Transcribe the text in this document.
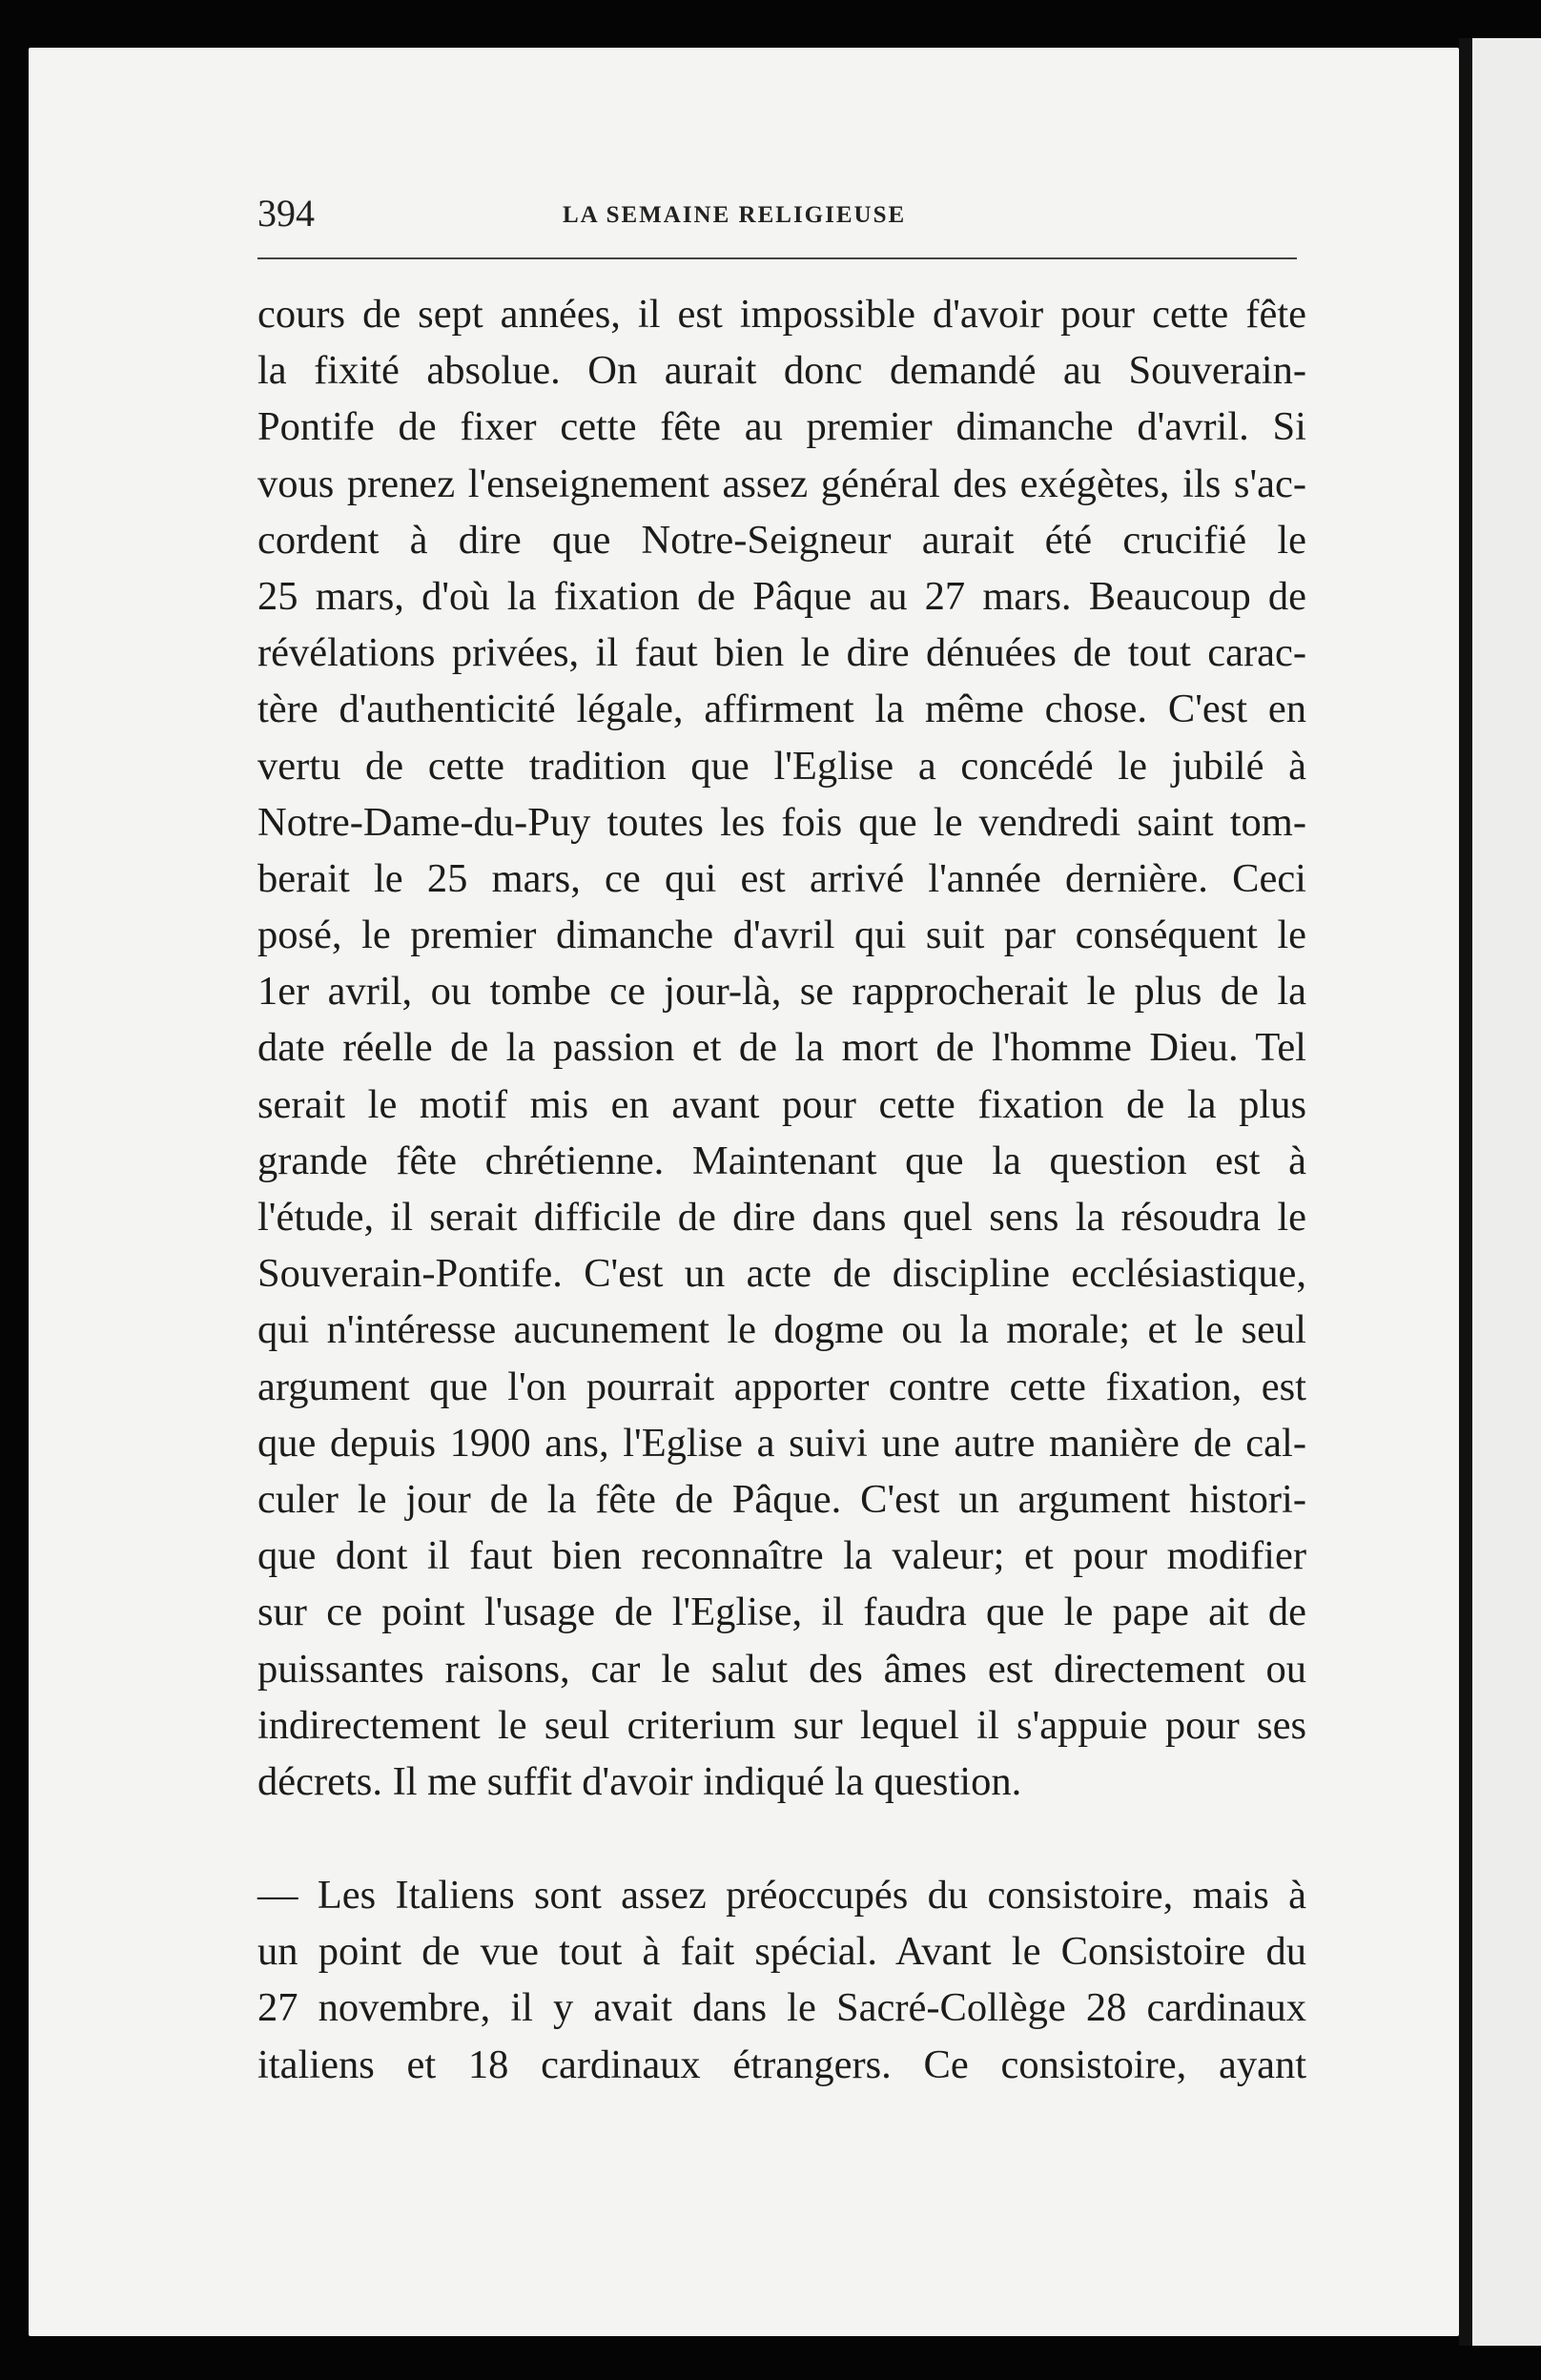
394	LA SEMAINE RELIGIEUSE
cours de sept années, il est impossible d'avoir pour cette fête
la fixité absolue. On aurait donc demandé au Souverain-
Pontife de fixer cette fête au premier dimanche d'avril. Si
vous prenez l'enseignement assez général des exégètes, ils s'ac-
cordent à dire que Notre-Seigneur aurait été crucifié le
25 mars, d'où la fixation de Pâque au 27 mars. Beaucoup de
révélations privées, il faut bien le dire dénuées de tout carac-
tère d'authenticité légale, affirment la même chose. C'est en
vertu de cette tradition que l'Eglise a concédé le jubilé à
Notre-Dame-du-Puy toutes les fois que le vendredi saint tom-
berait le 25 mars, ce qui est arrivé l'année dernière. Ceci
posé, le premier dimanche d'avril qui suit par conséquent le
1er avril, ou tombe ce jour-là, se rapprocherait le plus de la
date réelle de la passion et de la mort de l'homme Dieu. Tel
serait le motif mis en avant pour cette fixation de la plus
grande fête chrétienne. Maintenant que la question est à
l'étude, il serait difficile de dire dans quel sens la résoudra le
Souverain-Pontife. C'est un acte de discipline ecclésiastique,
qui n'intéresse aucunement le dogme ou la morale; et le seul
argument que l'on pourrait apporter contre cette fixation, est
que depuis 1900 ans, l'Eglise a suivi une autre manière de cal-
culer le jour de la fête de Pâque. C'est un argument histori-
que dont il faut bien reconnaître la valeur; et pour modifier
sur ce point l'usage de l'Eglise, il faudra que le pape ait de
puissantes raisons, car le salut des âmes est directement ou
indirectement le seul criterium sur lequel il s'appuie pour ses
décrets. Il me suffit d'avoir indiqué la question.
— Les Italiens sont assez préoccupés du consistoire, mais à
un point de vue tout à fait spécial. Avant le Consistoire du
27 novembre, il y avait dans le Sacré-Collège 28 cardinaux
italiens et 18 cardinaux étrangers. Ce consistoire, ayant
